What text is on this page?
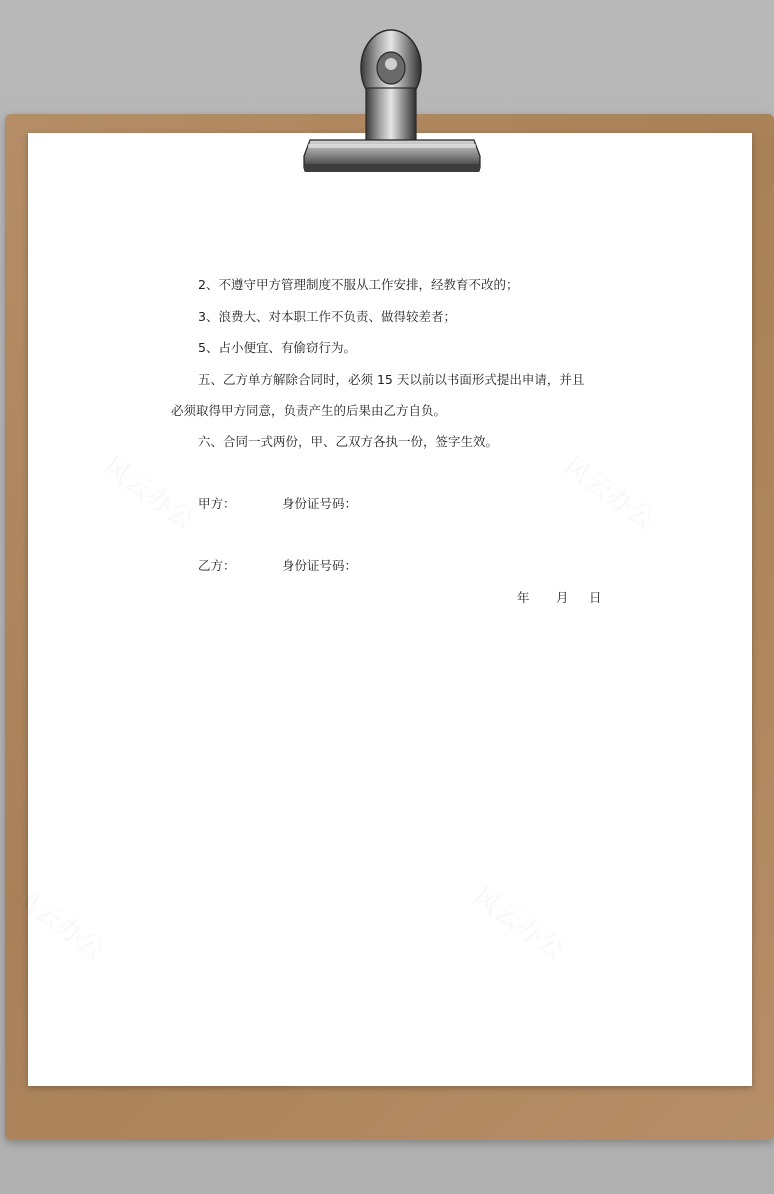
2、不遵守甲方管理制度不服从工作安排，经教育不改的；
3、浪费大、对本职工作不负责、做得较差者；
5、占小便宜、有偷窃行为。
五、乙方单方解除合同时，必须 15 天以前以书面形式提出申请，并且
必须取得甲方同意，负责产生的后果由乙方自负。
六、合同一式两份，甲、乙双方各执一份，签字生效。
甲方：	身份证号码：
乙方：	身份证号码：
年 月 日
